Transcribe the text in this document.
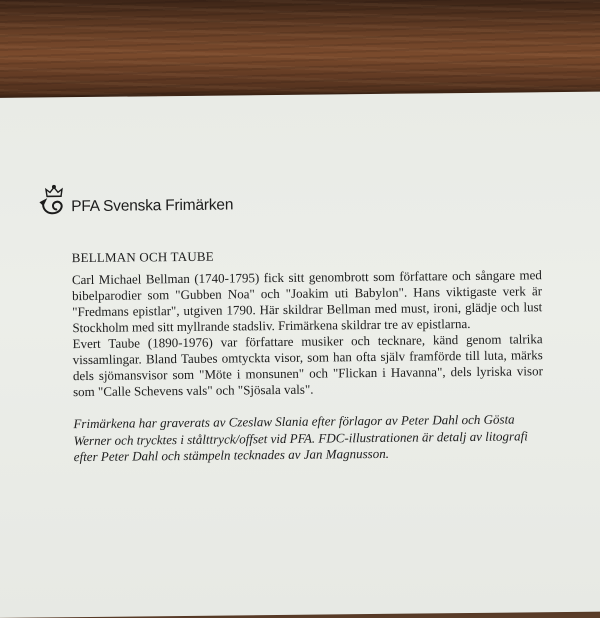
PFA Svenska Frimärken
BELLMAN OCH TAUBE

Carl Michael Bellman (1740-1795) fick sitt genombrott som författare och sångare med bibelparodier som "Gubben Noa" och "Joakim uti Babylon". Hans viktigaste verk är "Fredmans epistlar", utgiven 1790. Här skildrar Bellman med must, ironi, glädje och lust Stockholm med sitt myllrande stadsliv. Frimärkena skildrar tre av epistlarna.

Evert Taube (1890-1976) var författare musiker och tecknare, känd genom talrika vissamlingar. Bland Taubes omtyckta visor, som han ofta själv framförde till luta, märks dels sjömansvisor som "Möte i monsunen" och "Flickan i Havanna", dels lyriska visor som "Calle Schevens vals" och "Sjösala vals".

Frimärkena har graverats av Czeslaw Slania efter förlagor av Peter Dahl och Gösta Werner och trycktes i stålttryck/offset vid PFA. FDC-illustrationen är detalj av litografi efter Peter Dahl och stämpeln tecknades av Jan Magnusson.
